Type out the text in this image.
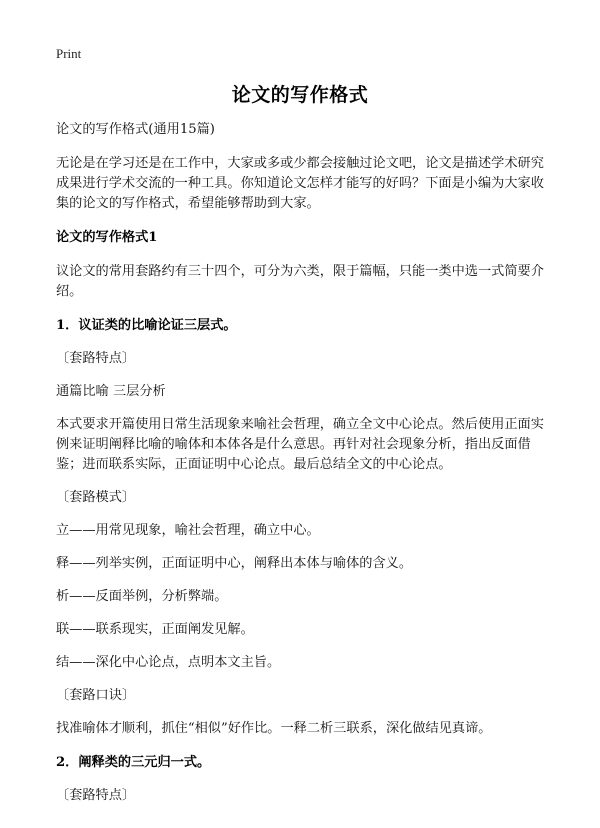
Print
论文的写作格式

论文的写作格式(通用15篇)

无论是在学习还是在工作中，大家或多或少都会接触过论文吧，论文是描述学术研究成果进行学术交流的一种工具。你知道论文怎样才能写的好吗？下面是小编为大家收集的论文的写作格式，希望能够帮助到大家。

论文的写作格式1

议论文的常用套路约有三十四个，可分为六类，限于篇幅，只能一类中选一式简要介绍。

1．议证类的比喻论证三层式。

〔套路特点〕

通篇比喻 三层分析

本式要求开篇使用日常生活现象来喻社会哲理，确立全文中心论点。然后使用正面实例来证明阐释比喻的喻体和本体各是什么意思。再针对社会现象分析，指出反面借鉴；进而联系实际，正面证明中心论点。最后总结全文的中心论点。

〔套路模式〕

立——用常见现象，喻社会哲理，确立中心。

释——列举实例，正面证明中心，阐释出本体与喻体的含义。

析——反面举例，分析弊端。

联——联系现实，正面阐发见解。

结——深化中心论点，点明本文主旨。

〔套路口诀〕

找准喻体才顺利，抓住“相似”好作比。一释二析三联系，深化做结见真谛。

2．阐释类的三元归一式。

〔套路特点〕
